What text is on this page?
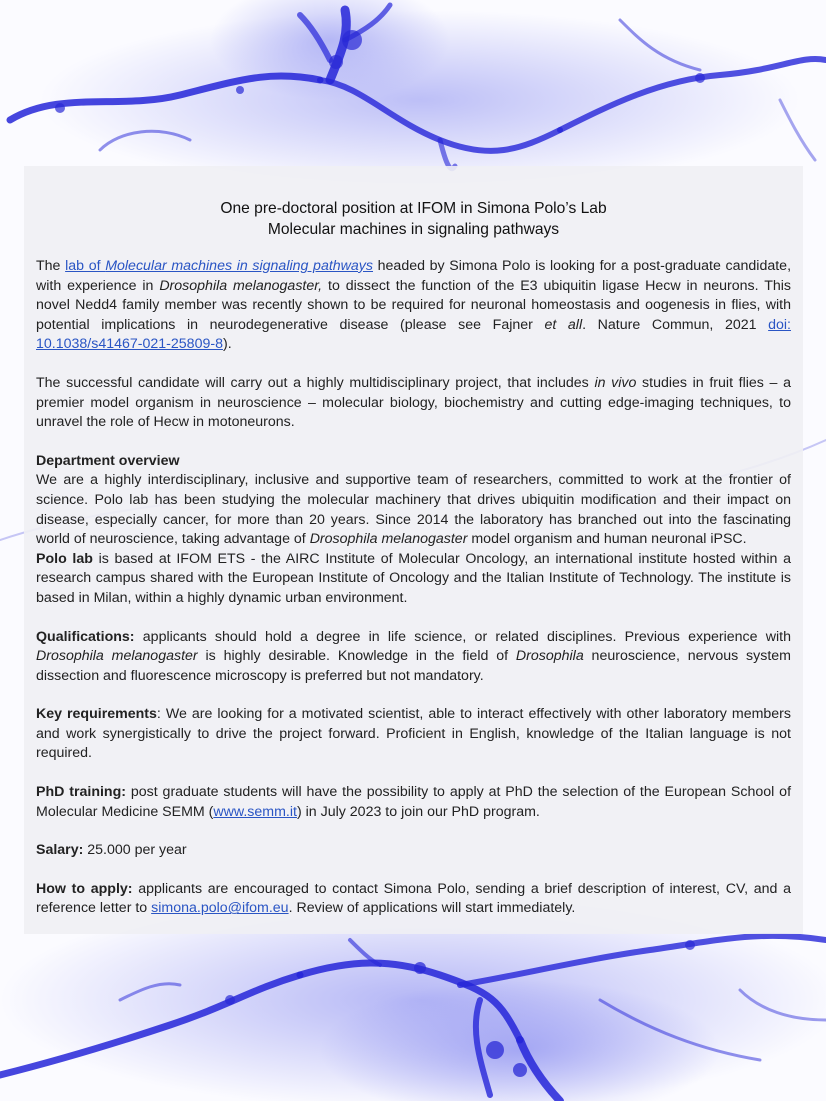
One pre-doctoral position at IFOM in Simona Polo’s Lab
Molecular machines in signaling pathways

The lab of Molecular machines in signaling pathways headed by Simona Polo is looking for a post-graduate candidate, with experience in Drosophila melanogaster, to dissect the function of the E3 ubiquitin ligase Hecw in neurons. This novel Nedd4 family member was recently shown to be required for neuronal homeostasis and oogenesis in flies, with potential implications in neurodegenerative disease (please see Fajner et all. Nature Commun, 2021 doi: 10.1038/s41467-021-25809-8).

The successful candidate will carry out a highly multidisciplinary project, that includes in vivo studies in fruit flies – a premier model organism in neuroscience – molecular biology, biochemistry and cutting edge-imaging techniques, to unravel the role of Hecw in motoneurons.

Department overview

We are a highly interdisciplinary, inclusive and supportive team of researchers, committed to work at the frontier of science. Polo lab has been studying the molecular machinery that drives ubiquitin modification and their impact on disease, especially cancer, for more than 20 years. Since 2014 the laboratory has branched out into the fascinating world of neuroscience, taking advantage of Drosophila melanogaster model organism and human neuronal iPSC.
Polo lab is based at IFOM ETS - the AIRC Institute of Molecular Oncology, an international institute hosted within a research campus shared with the European Institute of Oncology and the Italian Institute of Technology. The institute is based in Milan, within a highly dynamic urban environment.

Qualifications: applicants should hold a degree in life science, or related disciplines. Previous experience with Drosophila melanogaster is highly desirable. Knowledge in the field of Drosophila neuroscience, nervous system dissection and fluorescence microscopy is preferred but not mandatory.

Key requirements: We are looking for a motivated scientist, able to interact effectively with other laboratory members and work synergistically to drive the project forward. Proficient in English, knowledge of the Italian language is not required.

PhD training: post graduate students will have the possibility to apply at PhD the selection of the European School of Molecular Medicine SEMM (www.semm.it) in July 2023 to join our PhD program.

Salary: 25.000 per year

How to apply: applicants are encouraged to contact Simona Polo, sending a brief description of interest, CV, and a reference letter to simona.polo@ifom.eu. Review of applications will start immediately.
